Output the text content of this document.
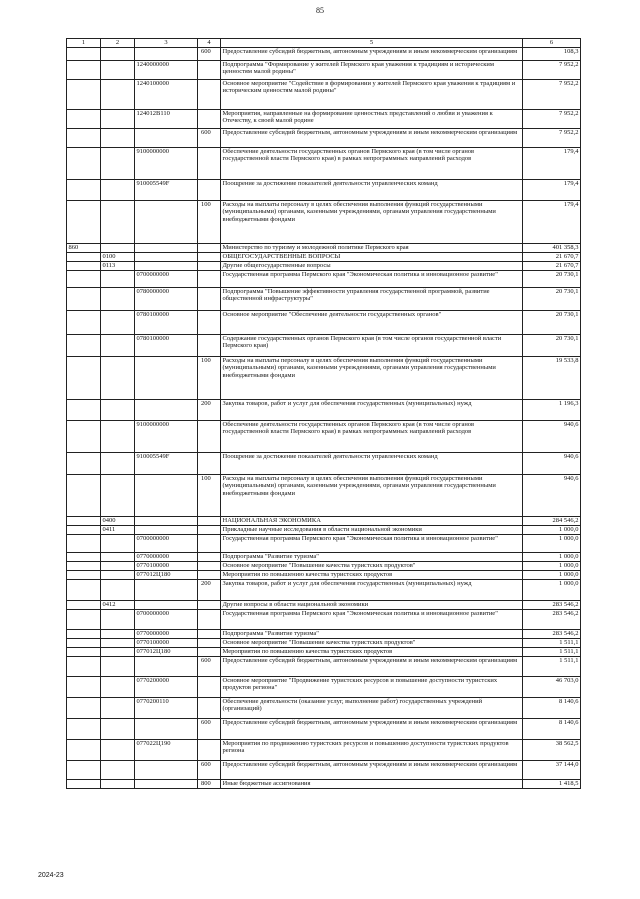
85
1	2	3	4	5	6
			600	Предоставление субсидий бюджетным, автономным учреждениям и иным некоммерческим организациям	108,3
		1240000000		Подпрограмма "Формирование у жителей Пермского края уважения к традициям и историческим ценностям малой родины"	7 952,2
		1240100000		Основное мероприятие "Содействие в формировании у жителей Пермского края уважения к традициям и историческим ценностям малой родины"	7 952,2
		124012В110		Мероприятия, направленные на формирование ценностных представлений о любви и уважения к Отечеству, к своей малой родине	7 952,2
			600	Предоставление субсидий бюджетным, автономным учреждениям и иным некоммерческим организациям	7 952,2
		9100000000		Обеспечение деятельности государственных органов Пермского края (в том числе органов государственной власти Пермского края) в рамках непрограммных направлений расходов	179,4
		910005549F		Поощрение за достижение показателей деятельности управленческих команд	179,4
			100	Расходы на выплаты персоналу в целях обеспечения выполнения функций государственными (муниципальными) органами, казенными учреждениями, органами управления государственными внебюджетными фондами	179,4
860				Министерство по туризму и молодежной политике Пермского края	401 358,3
	0100			ОБЩЕГОСУДАРСТВЕННЫЕ ВОПРОСЫ	21 670,7
	0113			Другие общегосударственные вопросы	21 670,7
		0700000000		Государственная программа Пермского края "Экономическая политика и инновационное развитие"	20 730,1
		0780000000		Подпрограмма "Повышение эффективности управления государственной программой, развитие общественной инфраструктуры"	20 730,1
		0780100000		Основное мероприятие "Обеспечение деятельности государственных органов"	20 730,1
		0780100000		Содержание государственных органов Пермского края (в том числе органов государственной власти Пермского края)	20 730,1
			100	Расходы на выплаты персоналу в целях обеспечения выполнения функций государственными (муниципальными) органами, казенными учреждениями, органами управления государственными внебюджетными фондами	19 533,8
			200	Закупка товаров, работ и услуг для обеспечения государственных (муниципальных) нужд	1 196,3
		9100000000		Обеспечение деятельности государственных органов Пермского края (в том числе органов государственной власти Пермского края) в рамках непрограммных направлений расходов	940,6
		910005549F		Поощрение за достижение показателей деятельности управленческих команд	940,6
			100	Расходы на выплаты персоналу в целях обеспечения выполнения функций государственными (муниципальными) органами, казенными учреждениями, органами управления государственными внебюджетными фондами	940,6
	0400			НАЦИОНАЛЬНАЯ ЭКОНОМИКА	284 546,2
	0411			Прикладные научные исследования в области национальной экономики	1 000,0
		0700000000		Государственная программа Пермского края "Экономическая политика и инновационное развитие"	1 000,0
		0770000000		Подпрограмма "Развитие туризма"	1 000,0
		0770100000		Основное мероприятие "Повышение качества туристских продуктов"	1 000,0
		077012Ц180		Мероприятия по повышению качества туристских продуктов	1 000,0
			200	Закупка товаров, работ и услуг для обеспечения государственных (муниципальных) нужд	1 000,0
	0412			Другие вопросы в области национальной экономики	283 546,2
		0700000000		Государственная программа Пермского края "Экономическая политика и инновационное развитие"	283 546,2
		0770000000		Подпрограмма "Развитие туризма"	283 546,2
		0770100000		Основное мероприятие "Повышение качества туристских продуктов"	1 511,1
		077012Ц180		Мероприятия по повышению качества туристских продуктов	1 511,1
			600	Предоставление субсидий бюджетным, автономным учреждениям и иным некоммерческим организациям	1 511,1
		0770200000		Основное мероприятие "Продвижение туристских ресурсов и повышение доступности туристских продуктов региона"	46 703,0
		0770200110		Обеспечение деятельности (оказание услуг, выполнение работ) государственных учреждений (организаций)	8 140,6
			600	Предоставление субсидий бюджетным, автономным учреждениям и иным некоммерческим организациям	8 140,6
		077022Ц190		Мероприятия по продвижению туристских ресурсов и повышению доступности туристских продуктов региона	38 562,5
			600	Предоставление субсидий бюджетным, автономным учреждениям и иным некоммерческим организациям	37 144,0
			800	Иные бюджетные ассигнования	1 418,5
2024-23
